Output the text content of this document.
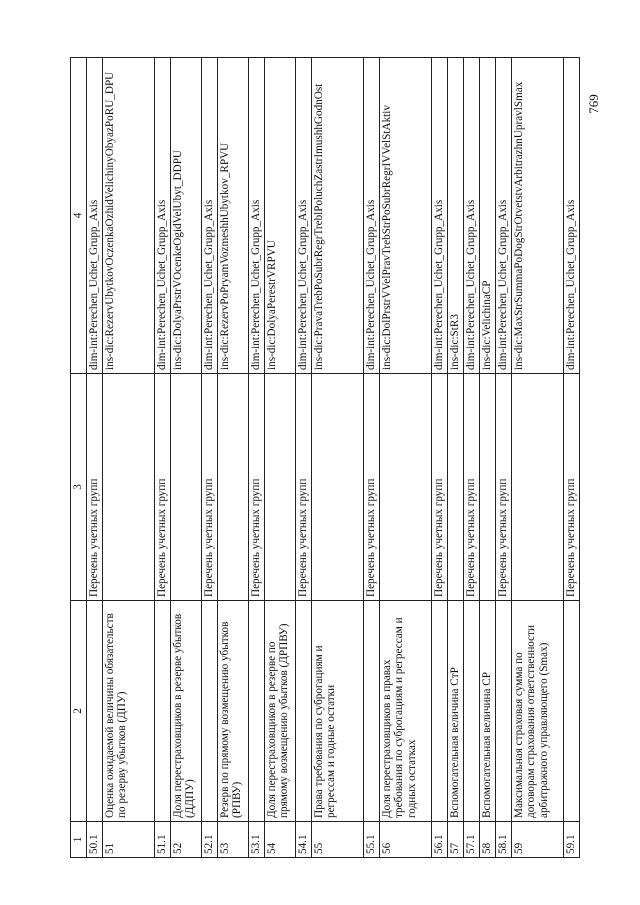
1	2	3	4
50.1		Перечень учетных групп	dim-int:Perechen_Uchet_Grupp_Axis
51	Оценка ожидаемой величины обязательств по резерву убытков (ДПУ)		ins-dic:RezervUbytkovOczenkaOzhidVelichinyObyazPoRU_DPU
51.1		Перечень учетных групп	dim-int:Perechen_Uchet_Grupp_Axis
52	Доля перестраховщиков в резерве убытков (ДДПУ)		ins-dic:DolyaPrstrVOcenkeOgidVelUbyt_DDPU
52.1		Перечень учетных групп	dim-int:Perechen_Uchet_Grupp_Axis
53	Резерв по прямому возмещению убытков (РПВУ)		ins-dic:RezervPoPryamVozmeshhUbytkov_RPVU
53.1		Перечень учетных групп	dim-int:Perechen_Uchet_Grupp_Axis
54	Доля перестраховщиков в резерве по прямому возмещению убытков (ДРПВУ)		ins-dic:DolyaPerestrVRPVU
54.1		Перечень учетных групп	dim-int:Perechen_Uchet_Grupp_Axis
55	Права требования по суброгациям и регрессам и годные остатки		ins-dic:PravaTrebPoSubrRegrTreblPoluchZastrImushhGodnOst
55.1		Перечень учетных групп	dim-int:Perechen_Uchet_Grupp_Axis
56	Доля перестраховщиков в правах требования по суброгациям и регрессам и годных остатках		ins-dic:DolPrstrVVelPravTrebStrPoSubrRegrIVVelStAktiv
56.1		Перечень учетных групп	dim-int:Perechen_Uchet_Grupp_Axis
57	Вспомогательная величина CтР		ins-dic:StR3
57.1		Перечень учетных групп	dim-int:Perechen_Uchet_Grupp_Axis
58	Вспомогательная величина CР		ins-dic:VelichinaCP
58.1		Перечень учетных групп	dim-int:Perechen_Uchet_Grupp_Axis
59	Максимальная страховая сумма по договорам страхования ответственности арбитражного управляющего (Smax)		ins-dic:MaxStrSummaPoDogStrOtvetstvArbitrazhnUpravlSmax
59.1		Перечень учетных групп	dim-int:Perechen_Uchet_Grupp_Axis
769
